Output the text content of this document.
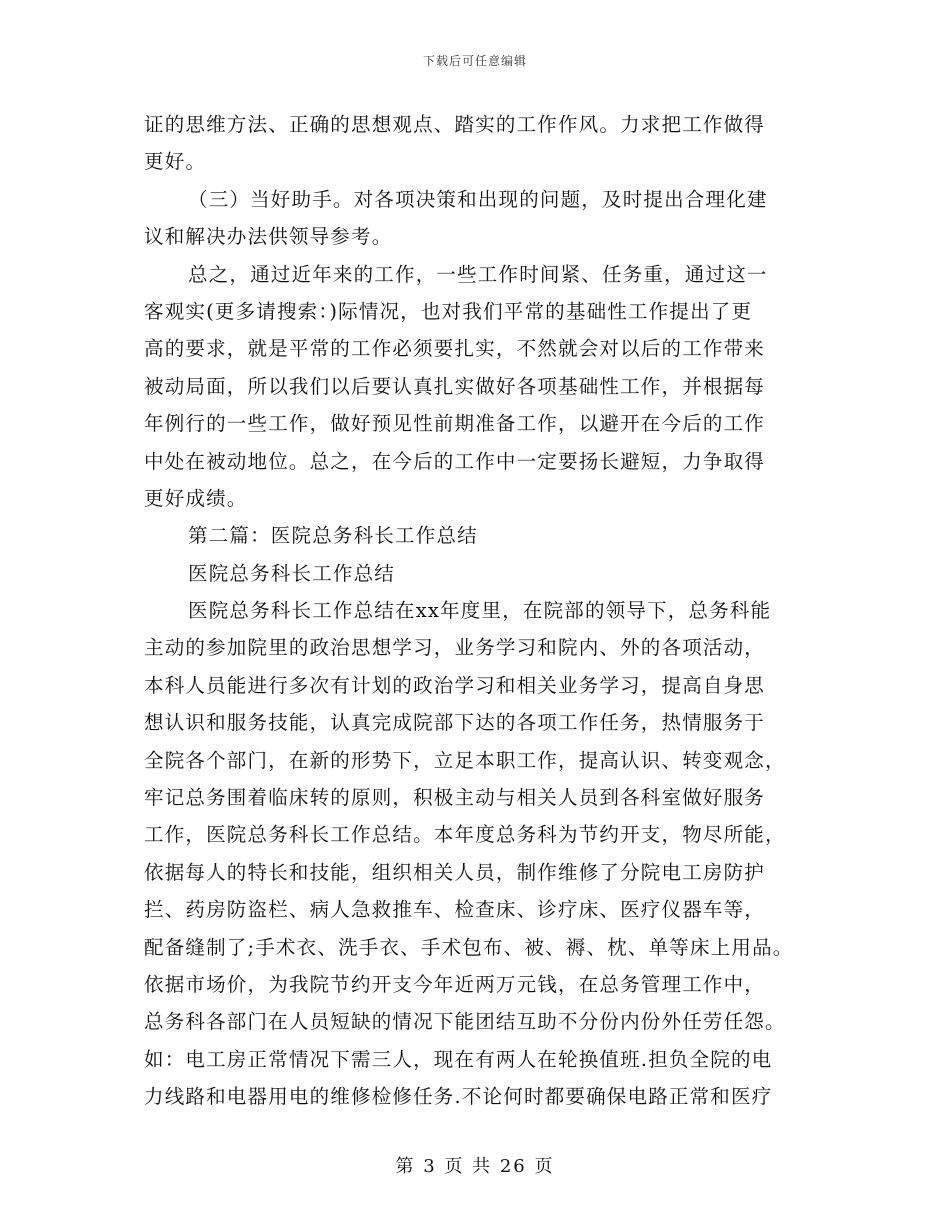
下载后可任意编辑
证的思维方法、正确的思想观点、踏实的工作作风。力求把工作做得
更好。
（三）当好助手。对各项决策和出现的问题，及时提出合理化建
议和解决办法供领导参考。
总之，通过近年来的工作，一些工作时间紧、任务重，通过这一
客观实(更多请搜索：)际情况，也对我们平常的基础性工作提出了更
高的要求，就是平常的工作必须要扎实，不然就会对以后的工作带来
被动局面，所以我们以后要认真扎实做好各项基础性工作，并根据每
年例行的一些工作，做好预见性前期准备工作，以避开在今后的工作
中处在被动地位。总之，在今后的工作中一定要扬长避短，力争取得
更好成绩。
第二篇：医院总务科长工作总结
医院总务科长工作总结
医院总务科长工作总结在xx年度里，在院部的领导下，总务科能
主动的参加院里的政治思想学习，业务学习和院内、外的各项活动，
本科人员能进行多次有计划的政治学习和相关业务学习，提高自身思
想认识和服务技能，认真完成院部下达的各项工作任务，热情服务于
全院各个部门，在新的形势下，立足本职工作，提高认识、转变观念，
牢记总务围着临床转的原则，积极主动与相关人员到各科室做好服务
工作，医院总务科长工作总结。本年度总务科为节约开支，物尽所能，
依据每人的特长和技能，组织相关人员，制作维修了分院电工房防护
拦、药房防盗栏、病人急救推车、检查床、诊疗床、医疗仪器车等，
配备缝制了;手术衣、洗手衣、手术包布、被、褥、枕、单等床上用品。
依据市场价，为我院节约开支今年近两万元钱，在总务管理工作中，
总务科各部门在人员短缺的情况下能团结互助不分份内份外任劳任怨。
如：电工房正常情况下需三人，现在有两人在轮换值班.担负全院的电
力线路和电器用电的维修检修任务.不论何时都要确保电路正常和医疗
第 3 页 共 26 页
